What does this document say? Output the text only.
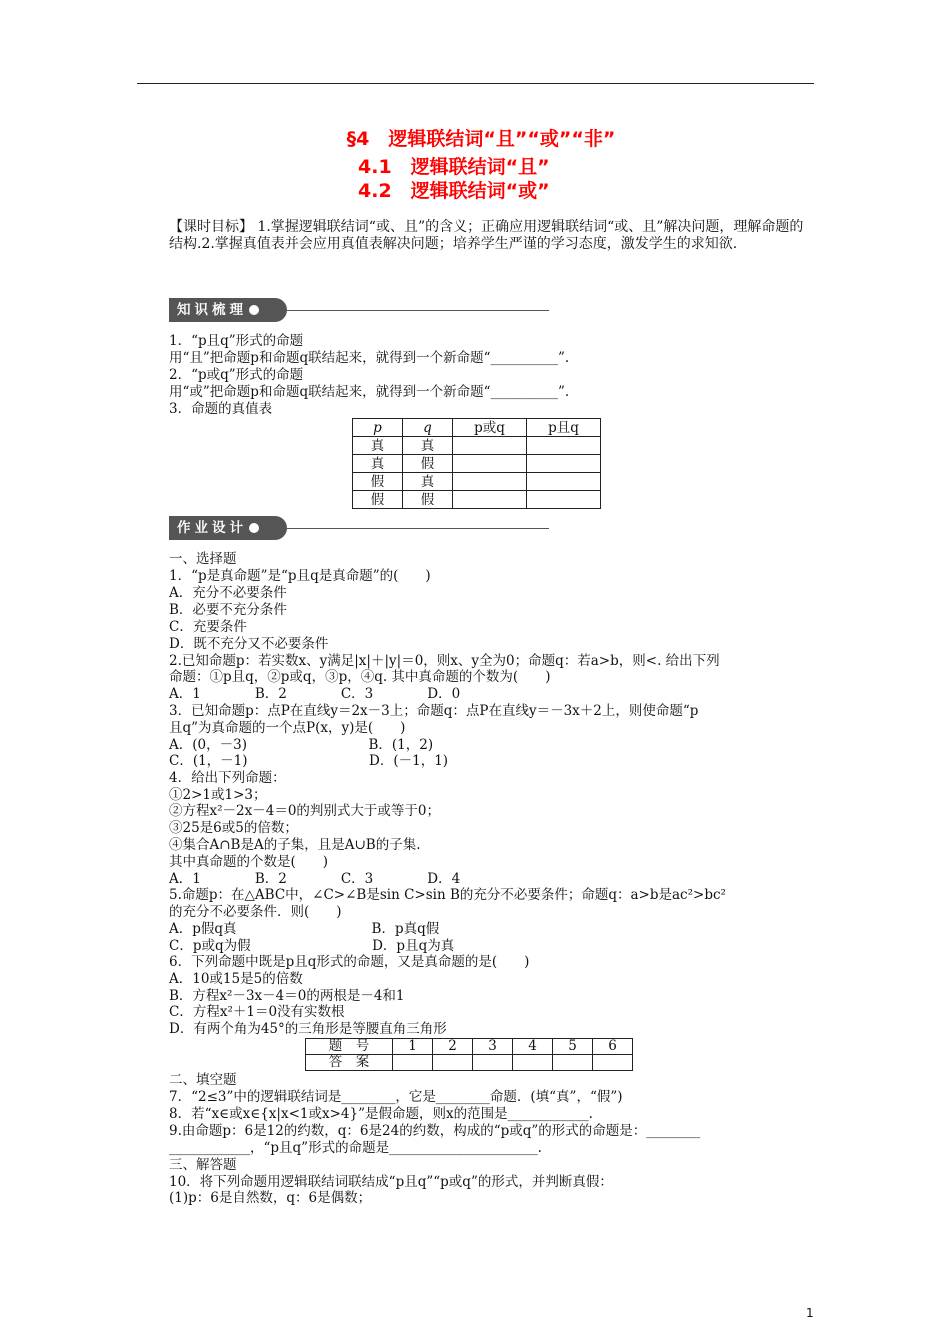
§4　逻辑联结词“且”“或”“非”
4.1　逻辑联结词“且”
4.2　逻辑联结词“或”
【课时目标】 1.掌握逻辑联结词“或、且”的含义；正确应用逻辑联结词“或、且”解决问题，理解命题的结构.2.掌握真值表并会应用真值表解决问题；培养学生严谨的学习态度，激发学生的求知欲.
知识梳理
1．“p且q”形式的命题
用“且”把命题p和命题q联结起来，就得到一个新命题“__________”.
2．“p或q”形式的命题
用“或”把命题p和命题q联结起来，就得到一个新命题“__________”.
3．命题的真值表
p	q	p或q	p且q
真	真		
真	假		
假	真		
假	假		
作业设计
一、选择题
1．“p是真命题”是“p且q是真命题”的(　　)
A．充分不必要条件
B．必要不充分条件
C．充要条件
D．既不充分又不必要条件
2.已知命题p：若实数x、y满足|x|＋|y|＝0，则x、y全为0；命题q：若a>b，则<. 给出下列
命题：①p且q，②p或q，③p，④q. 其中真命题的个数为(　　)
A．1　　　　B．2　　　　C．3　　　　D．0
3．已知命题p：点P在直线y＝2x－3上；命题q：点P在直线y＝－3x＋2上，则使命题“p
且q”为真命题的一个点P(x，y)是(　　)
A．(0，－3)　　　　　　　　　B．(1，2)
C．(1，－1)　　　　　　　　　D．(－1，1)
4．给出下列命题：
①2>1或1>3；
②方程x²－2x－4＝0的判别式大于或等于0；
③25是6或5的倍数；
④集合A∩B是A的子集，且是A∪B的子集.
其中真命题的个数是(　　)
A．1　　　　B．2　　　　C．3　　　　D．4
5.命题p：在△ABC中，∠C>∠B是sin C>sin B的充分不必要条件；命题q：a>b是ac²>bc²
的充分不必要条件．则(　　)
A．p假q真　　　　　　　　　　B．p真q假
C．p或q为假　　　　　　　　　D．p且q为真
6．下列命题中既是p且q形式的命题，又是真命题的是(　　)
A．10或15是5的倍数
B．方程x²－3x－4＝0的两根是－4和1
C．方程x²＋1＝0没有实数根
D．有两个角为45°的三角形是等腰直角三角形
题　号	1	2	3	4	5	6
答　案						
二、填空题
7．“2≤3”中的逻辑联结词是________，它是________命题．(填“真”，“假”)
8．若“x∈或x∈{x|x<1或x>4}”是假命题，则x的范围是____________.
9.由命题p：6是12的约数，q：6是24的约数，构成的“p或q”的形式的命题是：________
____________，“p且q”形式的命题是______________________.
三、解答题
10．将下列命题用逻辑联结词联结成“p且q”“p或q”的形式，并判断真假：
(1)p：6是自然数，q：6是偶数；
1
